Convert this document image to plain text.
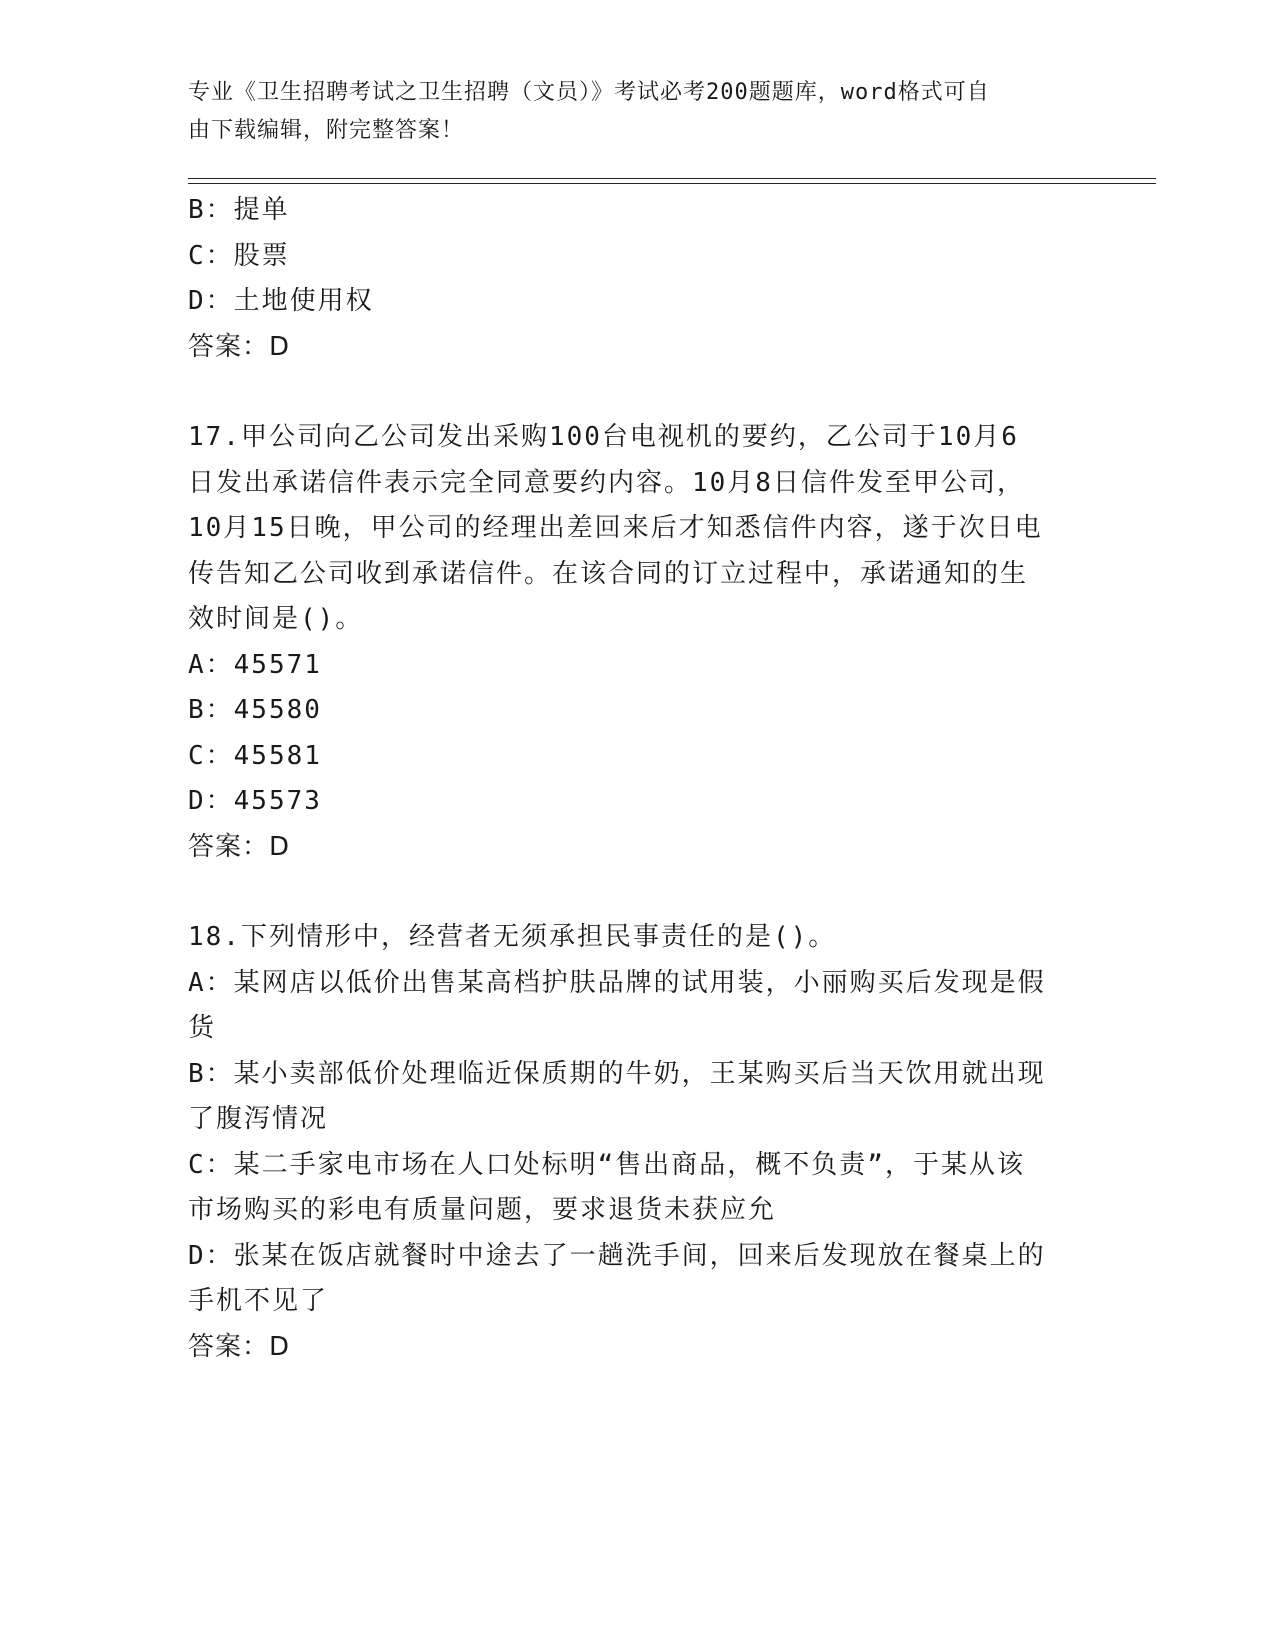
专业《卫生招聘考试之卫生招聘（文员）》考试必考200题题库，word格式可自
由下载编辑，附完整答案！

B：提单

C：股票

D：土地使用权

答案：D

17.甲公司向乙公司发出采购100台电视机的要约，乙公司于10月6

日发出承诺信件表示完全同意要约内容。10月8日信件发至甲公司，

10月15日晚，甲公司的经理出差回来后才知悉信件内容，遂于次日电

传告知乙公司收到承诺信件。在该合同的订立过程中，承诺通知的生

效时间是()。

A：45571

B：45580

C：45581

D：45573

答案：D

18.下列情形中，经营者无须承担民事责任的是()。

A：某网店以低价出售某高档护肤品牌的试用装，小丽购买后发现是假

货

B：某小卖部低价处理临近保质期的牛奶，王某购买后当天饮用就出现

了腹泻情况

C：某二手家电市场在人口处标明“售出商品，概不负责”，于某从该

市场购买的彩电有质量问题，要求退货未获应允

D：张某在饭店就餐时中途去了一趟洗手间，回来后发现放在餐桌上的

手机不见了

答案：D
